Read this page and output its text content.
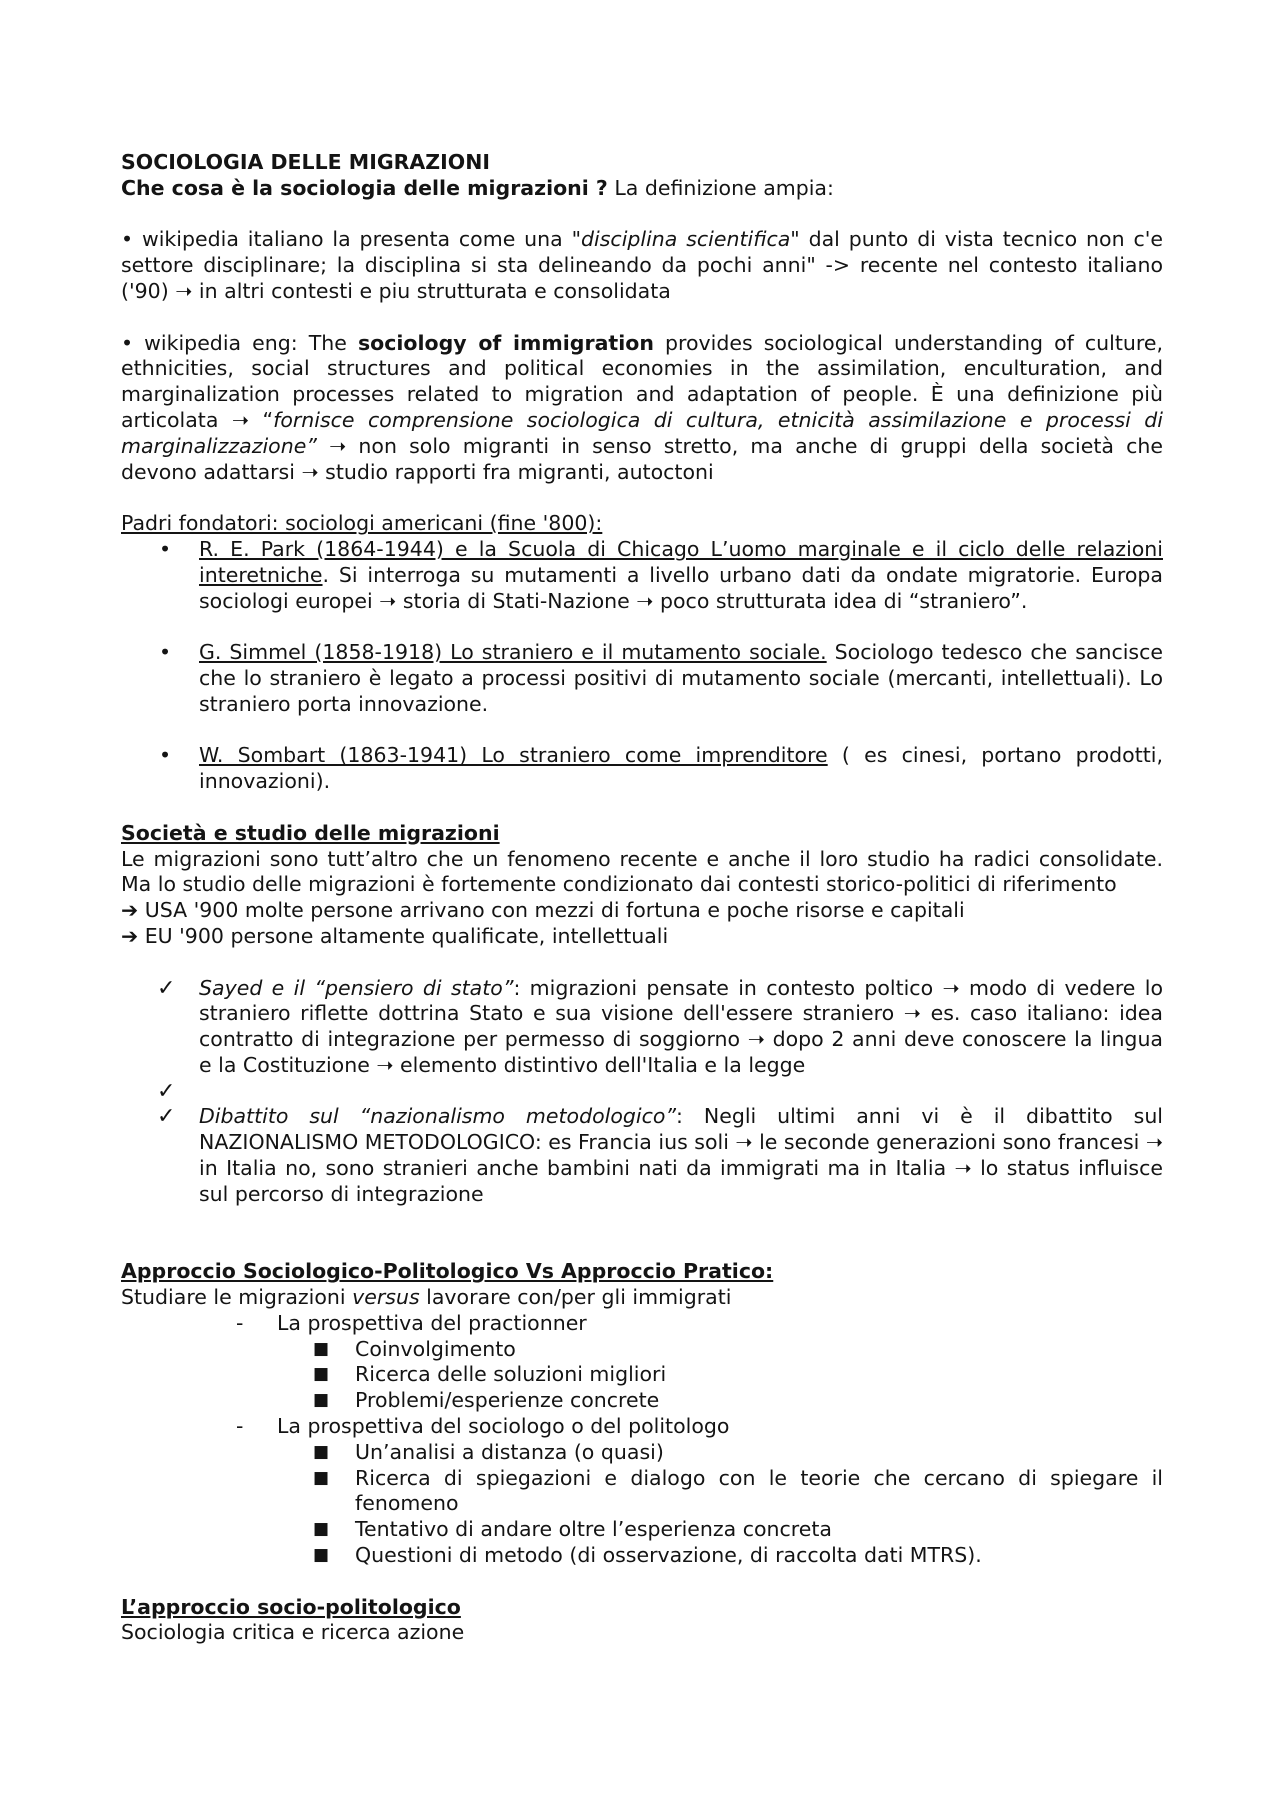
SOCIOLOGIA DELLE MIGRAZIONI

Che cosa è la sociologia delle migrazioni ? La definizione ampia:

• wikipedia italiano la presenta come una "disciplina scientifica" dal punto di vista tecnico non c'e settore disciplinare; la disciplina si sta delineando da pochi anni" -> recente nel contesto italiano ('90) ➝ in altri contesti e piu strutturata e consolidata

• wikipedia eng: The sociology of immigration provides sociological understanding of culture, ethnicities, social structures and political economies in the assimilation, enculturation, and marginalization processes related to migration and adaptation of people. È una definizione più articolata ➝ “fornisce comprensione sociologica di cultura, etnicità assimilazione e processi di marginalizzazione” ➝ non solo migranti in senso stretto, ma anche di gruppi della società che devono adattarsi ➝ studio rapporti fra migranti, autoctoni

Padri fondatori: sociologi americani (fine '800):

• R. E. Park (1864-1944) e la Scuola di Chicago L’uomo marginale e il ciclo delle relazioni interetniche. Si interroga su mutamenti a livello urbano dati da ondate migratorie. Europa sociologi europei ➝ storia di Stati-Nazione ➝ poco strutturata idea di “straniero”.
• G. Simmel (1858-1918) Lo straniero e il mutamento sociale. Sociologo tedesco che sancisce che lo straniero è legato a processi positivi di mutamento sociale (mercanti, intellettuali). Lo straniero porta innovazione.
• W. Sombart (1863-1941) Lo straniero come imprenditore ( es cinesi, portano prodotti, innovazioni).

Società e studio delle migrazioni

Le migrazioni sono tutt’altro che un fenomeno recente e anche il loro studio ha radici consolidate. Ma lo studio delle migrazioni è fortemente condizionato dai contesti storico-politici di riferimento

➔ USA '900 molte persone arrivano con mezzi di fortuna e poche risorse e capitali

➔ EU '900 persone altamente qualificate, intellettuali

✓ Sayed e il “pensiero di stato”: migrazioni pensate in contesto poltico ➝ modo di vedere lo straniero riflette dottrina Stato e sua visione dell'essere straniero ➝ es. caso italiano: idea contratto di integrazione per permesso di soggiorno ➝ dopo 2 anni deve conoscere la lingua e la Costituzione ➝ elemento distintivo dell'Italia e la legge
✓
✓ Dibattito sul “nazionalismo metodologico”: Negli ultimi anni vi è il dibattito sul NAZIONALISMO METODOLOGICO: es Francia ius soli ➝ le seconde generazioni sono francesi ➝ in Italia no, sono stranieri anche bambini nati da immigrati ma in Italia ➝ lo status influisce sul percorso di integrazione

Approccio Sociologico-Politologico Vs Approccio Pratico:

Studiare le migrazioni versus lavorare con/per gli immigrati

- La prospettiva del practionner
■ Coinvolgimento
■ Ricerca delle soluzioni migliori
■ Problemi/esperienze concrete
- La prospettiva del sociologo o del politologo
■ Un’analisi a distanza (o quasi)
■ Ricerca di spiegazioni e dialogo con le teorie che cercano di spiegare il fenomeno
■ Tentativo di andare oltre l’esperienza concreta
■ Questioni di metodo (di osservazione, di raccolta dati MTRS).

L’approccio socio-politologico

Sociologia critica e ricerca azione
